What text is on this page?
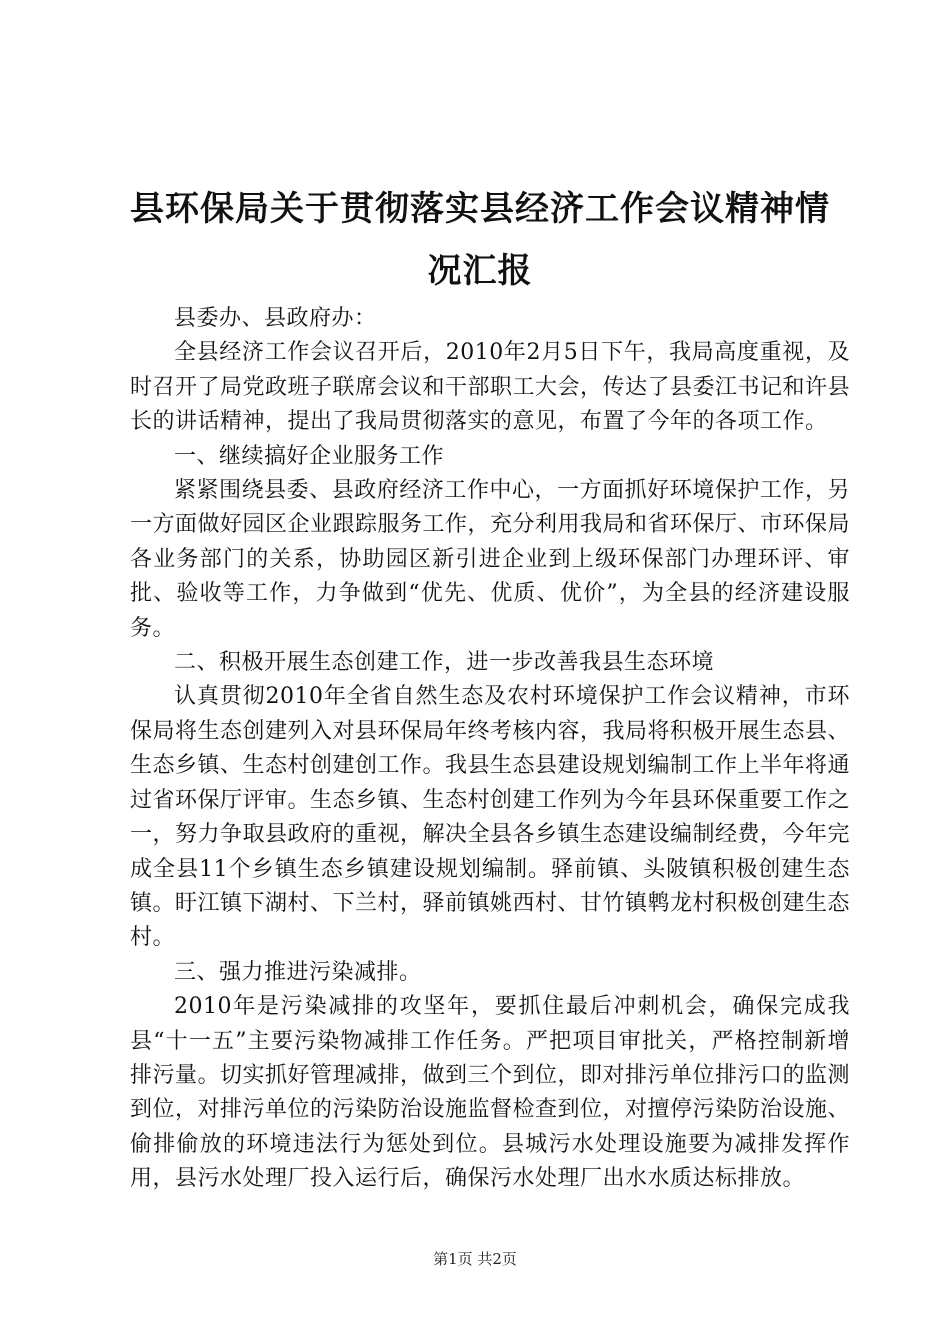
县环保局关于贯彻落实县经济工作会议精神情况汇报

县委办、县政府办：

全县经济工作会议召开后，2010年2月5日下午，我局高度重视，及时召开了局党政班子联席会议和干部职工大会，传达了县委江书记和许县长的讲话精神，提出了我局贯彻落实的意见，布置了今年的各项工作。

一、继续搞好企业服务工作

紧紧围绕县委、县政府经济工作中心，一方面抓好环境保护工作，另一方面做好园区企业跟踪服务工作，充分利用我局和省环保厅、市环保局各业务部门的关系，协助园区新引进企业到上级环保部门办理环评、审批、验收等工作，力争做到“优先、优质、优价”，为全县的经济建设服务。

二、积极开展生态创建工作，进一步改善我县生态环境

认真贯彻2010年全省自然生态及农村环境保护工作会议精神，市环保局将生态创建列入对县环保局年终考核内容，我局将积极开展生态县、生态乡镇、生态村创建创工作。我县生态县建设规划编制工作上半年将通过省环保厅评审。生态乡镇、生态村创建工作列为今年县环保重要工作之一，努力争取县政府的重视，解决全县各乡镇生态建设编制经费，今年完成全县11个乡镇生态乡镇建设规划编制。驿前镇、头陂镇积极创建生态镇。盱江镇下湖村、下兰村，驿前镇姚西村、甘竹镇鹎龙村积极创建生态村。

三、强力推进污染减排。

2010年是污染减排的攻坚年，要抓住最后冲刺机会，确保完成我县“十一五”主要污染物减排工作任务。严把项目审批关，严格控制新增排污量。切实抓好管理减排，做到三个到位，即对排污单位排污口的监测到位，对排污单位的污染防治设施监督检查到位，对擅停污染防治设施、偷排偷放的环境违法行为惩处到位。县城污水处理设施要为减排发挥作用，县污水处理厂投入运行后，确保污水处理厂出水水质达标排放。

第1页 共2页
